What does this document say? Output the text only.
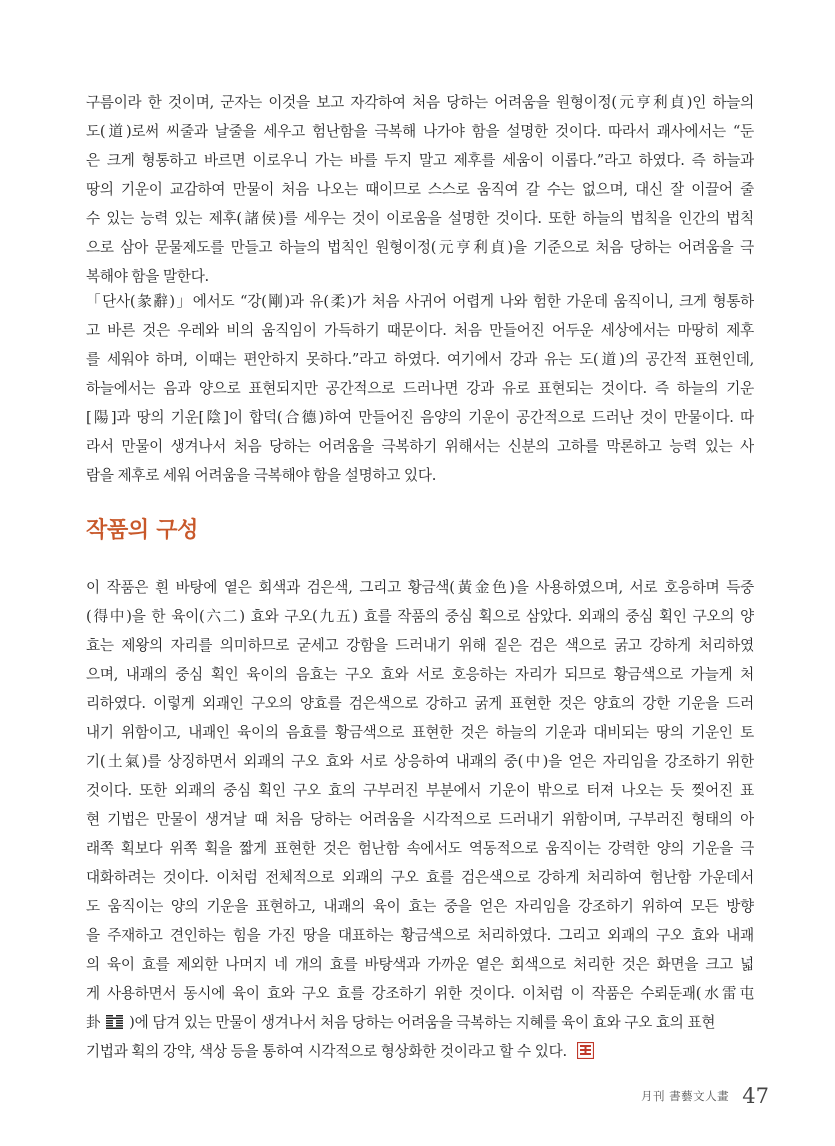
구름이라 한 것이며, 군자는 이것을 보고 자각하여 처음 당하는 어려움을 원형이정(元亨利貞)인 하늘의
도(道)로써 씨줄과 날줄을 세우고 험난함을 극복해 나가야 함을 설명한 것이다. 따라서 괘사에서는 “둔
은 크게 형통하고 바르면 이로우니 가는 바를 두지 말고 제후를 세움이 이롭다.”라고 하였다. 즉 하늘과
땅의 기운이 교감하여 만물이 처음 나오는 때이므로 스스로 움직여 갈 수는 없으며, 대신 잘 이끌어 줄
수 있는 능력 있는 제후(諸侯)를 세우는 것이 이로움을 설명한 것이다. 또한 하늘의 법칙을 인간의 법칙
으로 삼아 문물제도를 만들고 하늘의 법칙인 원형이정(元亨利貞)을 기준으로 처음 당하는 어려움을 극
복해야 함을 말한다.
「단사(彖辭)」에서도 “강(剛)과 유(柔)가 처음 사귀어 어렵게 나와 험한 가운데 움직이니, 크게 형통하
고 바른 것은 우레와 비의 움직임이 가득하기 때문이다. 처음 만들어진 어두운 세상에서는 마땅히 제후
를 세워야 하며, 이때는 편안하지 못하다.”라고 하였다. 여기에서 강과 유는 도(道)의 공간적 표현인데,
하늘에서는 음과 양으로 표현되지만 공간적으로 드러나면 강과 유로 표현되는 것이다. 즉 하늘의 기운
[陽]과 땅의 기운[陰]이 합덕(合德)하여 만들어진 음양의 기운이 공간적으로 드러난 것이 만물이다. 따
라서 만물이 생겨나서 처음 당하는 어려움을 극복하기 위해서는 신분의 고하를 막론하고 능력 있는 사
람을 제후로 세워 어려움을 극복해야 함을 설명하고 있다.
작품의 구성
이 작품은 흰 바탕에 옅은 회색과 검은색, 그리고 황금색(黃金色)을 사용하였으며, 서로 호응하며 득중
(得中)을 한 육이(六二) 효와 구오(九五) 효를 작품의 중심 획으로 삼았다. 외괘의 중심 획인 구오의 양
효는 제왕의 자리를 의미하므로 굳세고 강함을 드러내기 위해 짙은 검은 색으로 굵고 강하게 처리하였
으며, 내괘의 중심 획인 육이의 음효는 구오 효와 서로 호응하는 자리가 되므로 황금색으로 가늘게 처
리하였다. 이렇게 외괘인 구오의 양효를 검은색으로 강하고 굵게 표현한 것은 양효의 강한 기운을 드러
내기 위함이고, 내괘인 육이의 음효를 황금색으로 표현한 것은 하늘의 기운과 대비되는 땅의 기운인 토
기(土氣)를 상징하면서 외괘의 구오 효와 서로 상응하여 내괘의 중(中)을 얻은 자리임을 강조하기 위한
것이다. 또한 외괘의 중심 획인 구오 효의 구부러진 부분에서 기운이 밖으로 터져 나오는 듯 찢어진 표
현 기법은 만물이 생겨날 때 처음 당하는 어려움을 시각적으로 드러내기 위함이며, 구부러진 형태의 아
래쪽 획보다 위쪽 획을 짧게 표현한 것은 험난함 속에서도 역동적으로 움직이는 강력한 양의 기운을 극
대화하려는 것이다. 이처럼 전체적으로 외괘의 구오 효를 검은색으로 강하게 처리하여 험난함 가운데서
도 움직이는 양의 기운을 표현하고, 내괘의 육이 효는 중을 얻은 자리임을 강조하기 위하여 모든 방향
을 주재하고 견인하는 힘을 가진 땅을 대표하는 황금색으로 처리하였다. 그리고 외괘의 구오 효와 내괘
의 육이 효를 제외한 나머지 네 개의 효를 바탕색과 가까운 옅은 회색으로 처리한 것은 화면을 크고 넓
게 사용하면서 동시에 육이 효와 구오 효를 강조하기 위한 것이다. 이처럼 이 작품은 수뢰둔괘(水雷屯
卦 )에 담겨 있는 만물이 생겨나서 처음 당하는 어려움을 극복하는 지혜를 육이 효와 구오 효의 표현
기법과 획의 강약, 색상 등을 통하여 시각적으로 형상화한 것이라고 할 수 있다.
月刊 書藝文人畫 47
